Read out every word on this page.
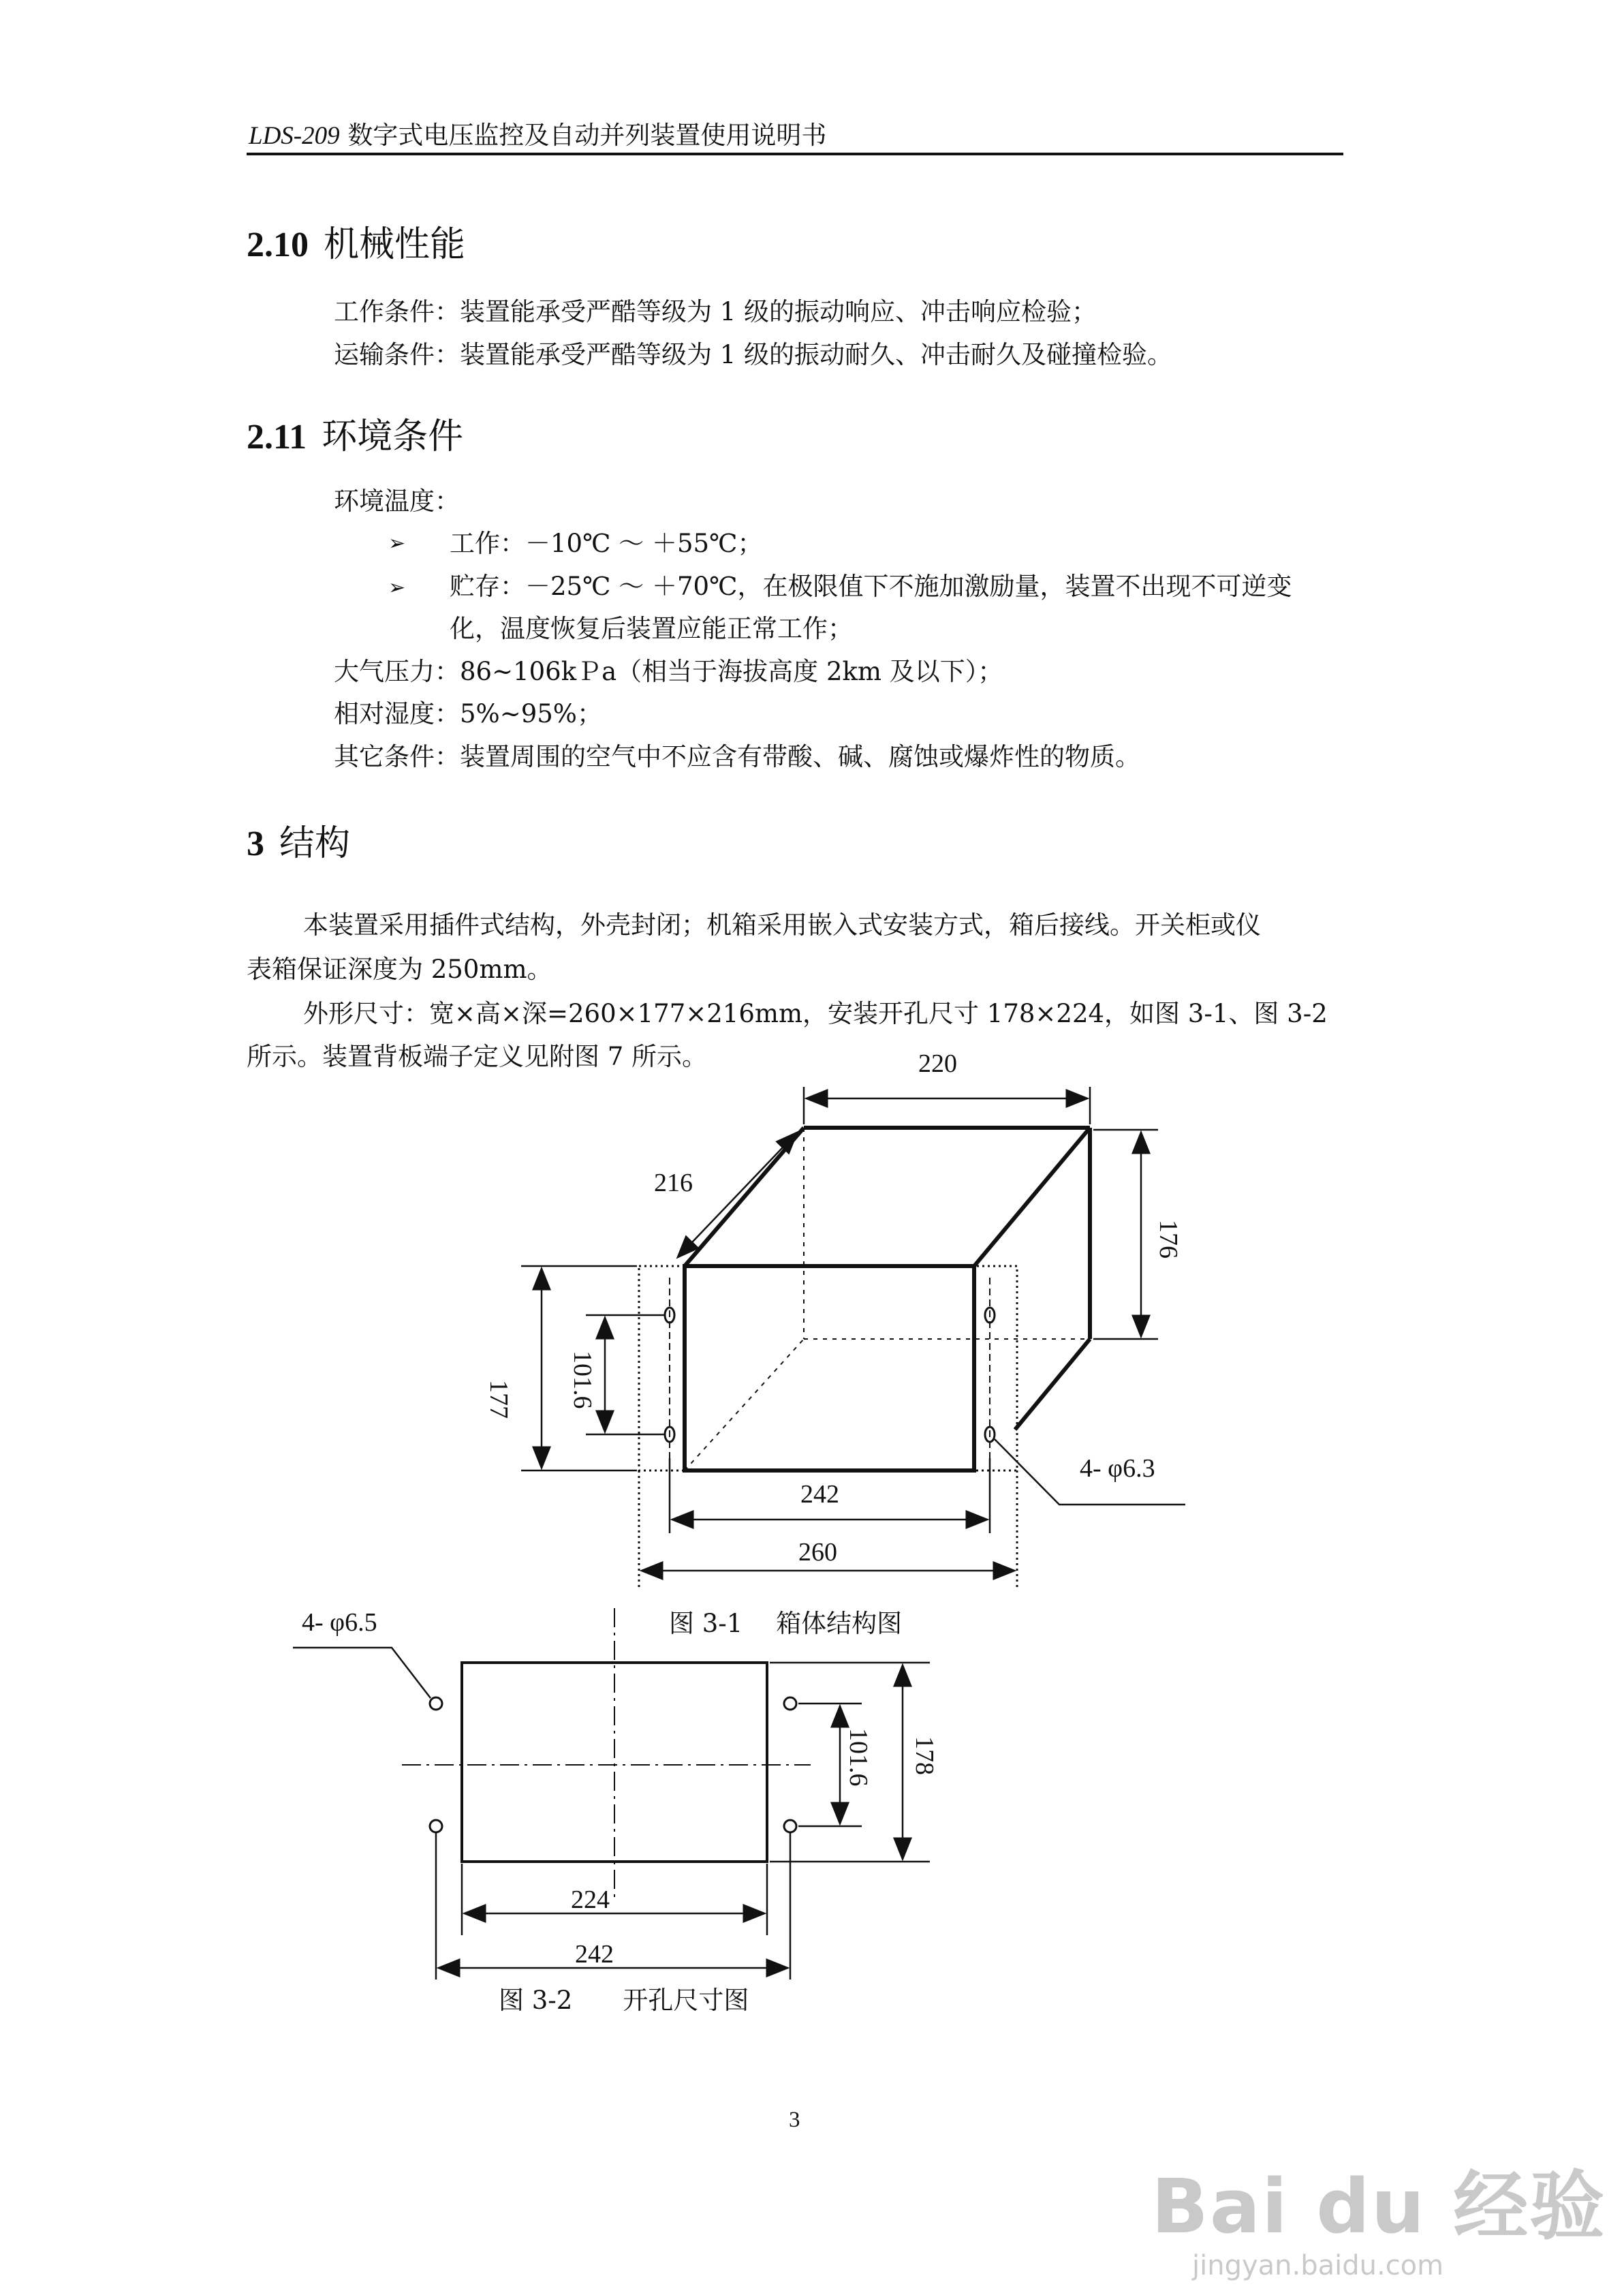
LDS-209 数字式电压监控及自动并列装置使用说明书
2.10 机械性能
工作条件：装置能承受严酷等级为 1 级的振动响应、冲击响应检验；
运输条件：装置能承受严酷等级为 1 级的振动耐久、冲击耐久及碰撞检验。
2.11 环境条件
环境温度：
➢ 工作：－10℃ ～ ＋55℃；
➢ 贮存：－25℃ ～ ＋70℃，在极限值下不施加激励量，装置不出现不可逆变
化，温度恢复后装置应能正常工作；
大气压力：86~106kＰa（相当于海拔高度 2km 及以下）；
相对湿度：5%~95%；
其它条件：装置周围的空气中不应含有带酸、碱、腐蚀或爆炸性的物质。
3 结构
本装置采用插件式结构，外壳封闭；机箱采用嵌入式安装方式，箱后接线。开关柜或仪
表箱保证深度为 250mm。
外形尺寸：宽×高×深=260×177×216mm，安装开孔尺寸 178×224，如图 3-1、图 3-2
所示。装置背板端子定义见附图 7 所示。	220
216
176
177 101.6
242
260
4- φ6.3
4- φ6.5
178
101.6
224
242
图 3-1　 箱体结构图
图 3-2　　开孔尺寸图
3
Bai du 经验
jingyan.baidu.com
